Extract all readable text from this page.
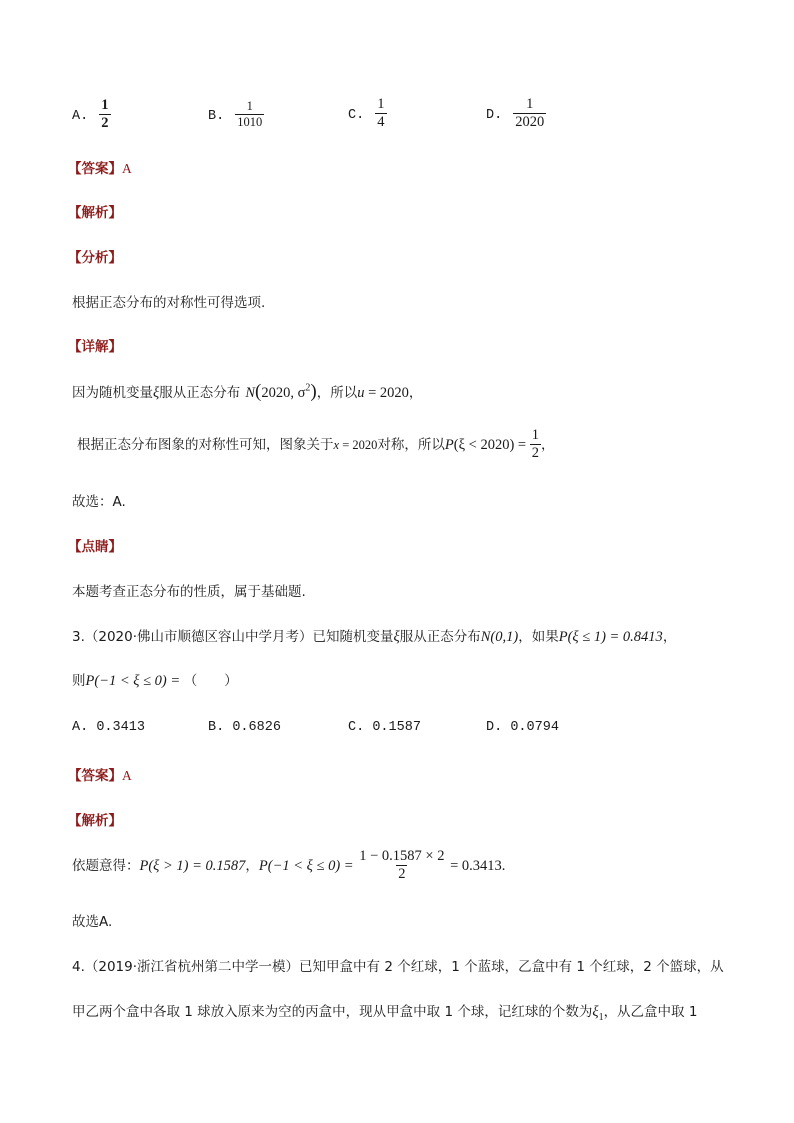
A. $\frac{1}{2}$	B. $\frac{1}{1010}$	C. $\frac{1}{4}$	D. $\frac{1}{2020}$
【答案】A
【解析】
【分析】
根据正态分布的对称性可得选项.
【详解】
因为随机变量ξ服从正态分布 N(2020, $\sigma^2$)，所以u = 2020，
根据正态分布图象的对称性可知，图象关于x = 2020对称，所以$P(\xi < 2020) = \frac{1}{2}$ ，
故选：A.
【点睛】
本题考查正态分布的性质，属于基础题.
3.（2020·佛山市顺德区容山中学月考）已知随机变量ξ服从正态分布N(0,1)，如果P(ξ ≤ 1) = 0.8413，
则P(−1 < ξ ≤ 0) = （　　）
A. 0.3413	B. 0.6826	C. 0.1587	D. 0.0794
【答案】A
【解析】
依题意得：P(ξ > 1) = 0.1587，$P(-1 < \xi \le 0) = \frac{1 - 0.1587 \times 2}{2} = 0.3413$.
故选A.
4.（2019·浙江省杭州第二中学一模）已知甲盒中有 2 个红球，1 个蓝球，乙盒中有 1 个红球，2 个篮球，从
甲乙两个盒中各取 1 球放入原来为空的丙盒中，现从甲盒中取 1 个球，记红球的个数为$\xi_1$，从乙盒中取 1
